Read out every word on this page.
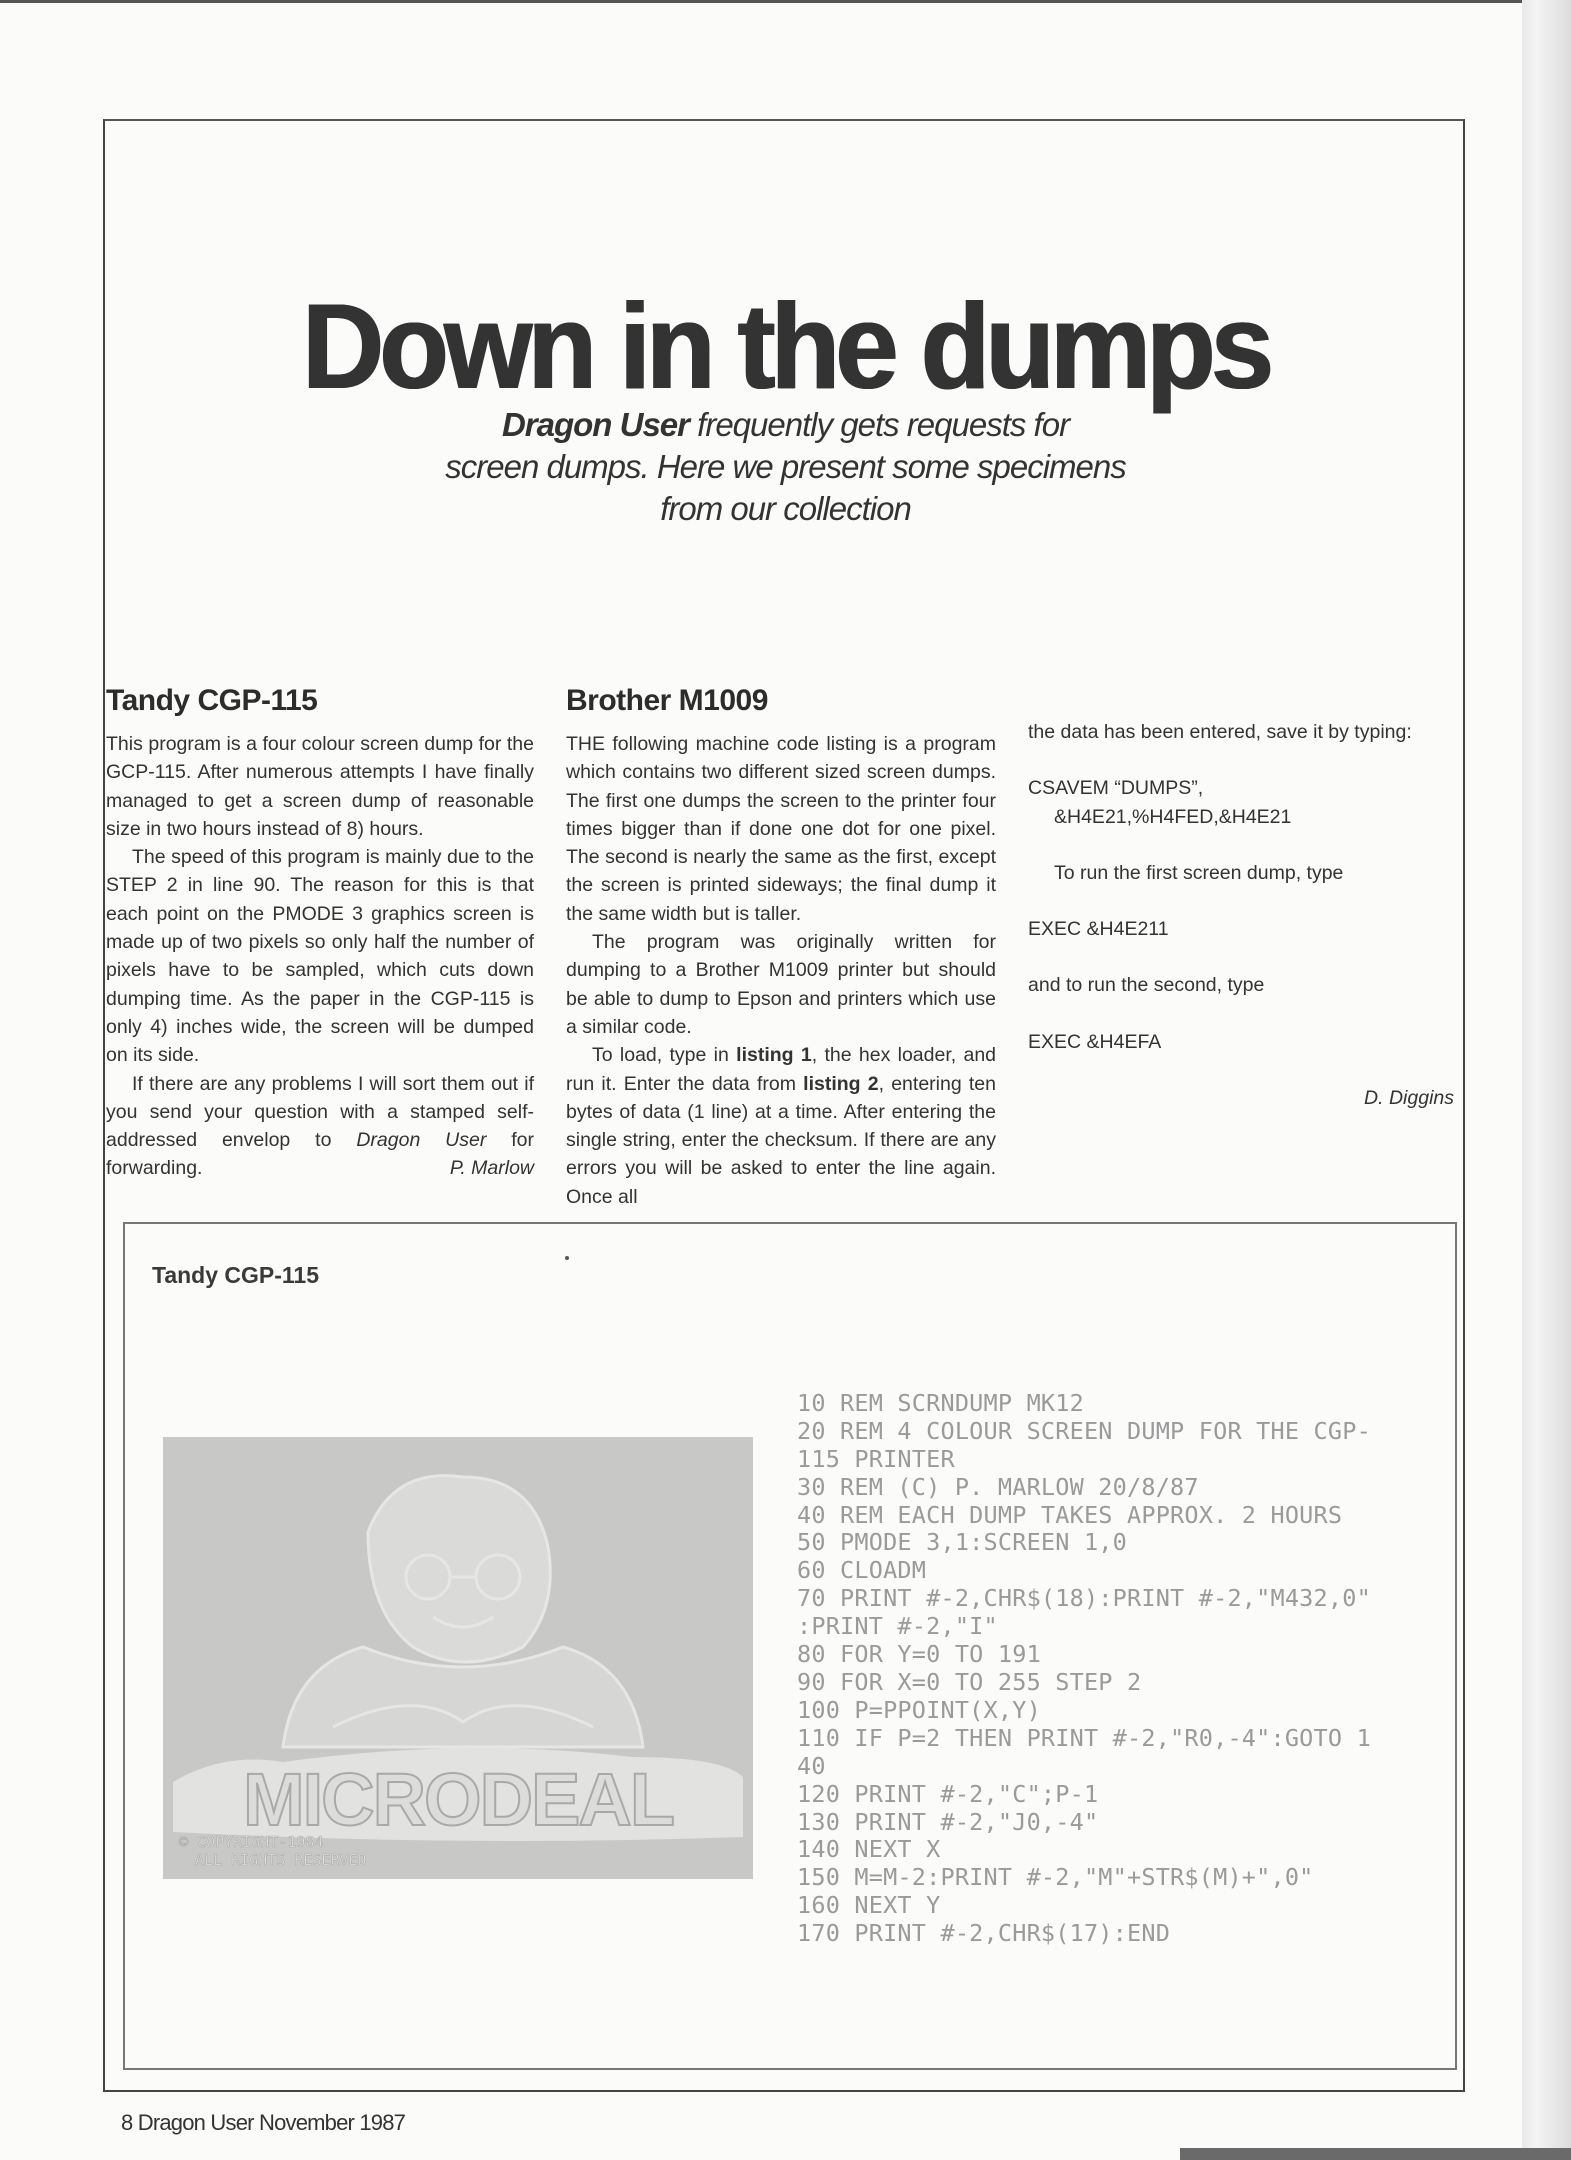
Down in the dumps
Dragon User frequently gets requests for
screen dumps. Here we present some specimens
from our collection
Tandy CGP-115

This program is a four colour screen dump for the GCP-115. After numerous attempts I have finally managed to get a screen dump of reasonable size in two hours instead of 8) hours.

The speed of this program is mainly due to the STEP 2 in line 90. The reason for this is that each point on the PMODE 3 graphics screen is made up of two pixels so only half the number of pixels have to be sampled, which cuts down dumping time. As the paper in the CGP-115 is only 4) inches wide, the screen will be dumped on its side.

If there are any problems I will sort them out if you send your question with a stamped self-addressed envelop to Dragon User for forwarding.	P. Marlow

Brother M1009

THE following machine code listing is a program which contains two different sized screen dumps. The first one dumps the screen to the printer four times bigger than if done one dot for one pixel. The second is nearly the same as the first, except the screen is printed sideways; the final dump it the same width but is taller.

The program was originally written for dumping to a Brother M1009 printer but should be able to dump to Epson and printers which use a similar code.

To load, type in listing 1, the hex loader, and run it. Enter the data from listing 2, entering ten bytes of data (1 line) at a time. After entering the single string, enter the checksum. If there are any errors you will be asked to enter the line again. Once all

the data has been entered, save it by typing:

CSAVEM “DUMPS”,
&H4E21,%H4FED,&H4E21

To run the first screen dump, type

EXEC &H4E211

and to run the second, type

EXEC &H4EFA

D. Diggins

Tandy CGP-115
MICRODEAL
© COPYRIGHT-1984
ALL RIGHTS RESERVED

10 REM SCRNDUMP MK12
20 REM 4 COLOUR SCREEN DUMP FOR THE CGP-
115 PRINTER
30 REM (C) P. MARLOW 20/8/87
40 REM EACH DUMP TAKES APPROX. 2 HOURS
50 PMODE 3,1:SCREEN 1,0
60 CLOADM
70 PRINT #-2,CHR$(18):PRINT #-2,"M432,0"
:PRINT #-2,"I"
80 FOR Y=0 TO 191
90 FOR X=0 TO 255 STEP 2
100 P=PPOINT(X,Y)
110 IF P=2 THEN PRINT #-2,"R0,-4":GOTO 1
40
120 PRINT #-2,"C";P-1
130 PRINT #-2,"J0,-4"
140 NEXT X
150 M=M-2:PRINT #-2,"M"+STR$(M)+",0"
160 NEXT Y
170 PRINT #-2,CHR$(17):END

8 Dragon User November 1987
